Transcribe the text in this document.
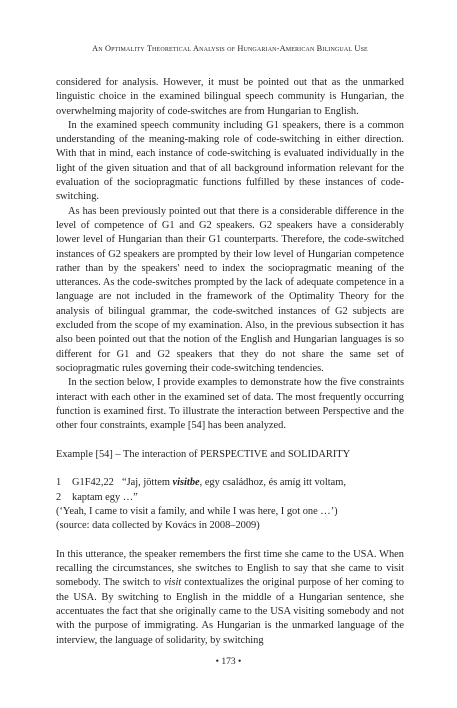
An Optimality Theoretical Analysis of Hungarian-American Bilingual Use

considered for analysis. However, it must be pointed out that as the unmarked linguistic choice in the examined bilingual speech community is Hungarian, the overwhelming majority of code-switches are from Hungarian to English.

In the examined speech community including G1 speakers, there is a common understanding of the meaning-making role of code-switching in either direction. With that in mind, each instance of code-switching is evaluated individually in the light of the given situation and that of all background information relevant for the evaluation of the sociopragmatic functions fulfilled by these instances of code-switching.

As has been previously pointed out that there is a considerable difference in the level of competence of G1 and G2 speakers. G2 speakers have a considerably lower level of Hungarian than their G1 counterparts. Therefore, the code-switched instances of G2 speakers are prompted by their low level of Hungarian competence rather than by the speakers' need to index the sociopragmatic meaning of the utterances. As the code-switches prompted by the lack of adequate competence in a language are not included in the framework of the Optimality Theory for the analysis of bilingual grammar, the code-switched instances of G2 subjects are excluded from the scope of my examination. Also, in the previous subsection it has also been pointed out that the notion of the English and Hungarian languages is so different for G1 and G2 speakers that they do not share the same set of sociopragmatic rules governing their code-switching tendencies.

In the section below, I provide examples to demonstrate how the five constraints interact with each other in the examined set of data. The most frequently occurring function is examined first. To illustrate the interaction between Perspective and the other four constraints, example [54] has been analyzed.

Example [54] – The interaction of PERSPECTIVE and SOLIDARITY

1 G1F42,22 “Jaj, jöttem visitbe, egy családhoz, és amíg itt voltam,

2 kaptam egy …”

(‘Yeah, I came to visit a family, and while I was here, I got one …’)

(source: data collected by Kovács in 2008–2009)

In this utterance, the speaker remembers the first time she came to the USA. When recalling the circumstances, she switches to English to say that she came to visit somebody. The switch to visit contextualizes the original purpose of her coming to the USA. By switching to English in the middle of a Hungarian sentence, she accentuates the fact that she originally came to the USA visiting somebody and not with the purpose of immigrating. As Hungarian is the unmarked language of the interview, the language of solidarity, by switching

• 173 •
